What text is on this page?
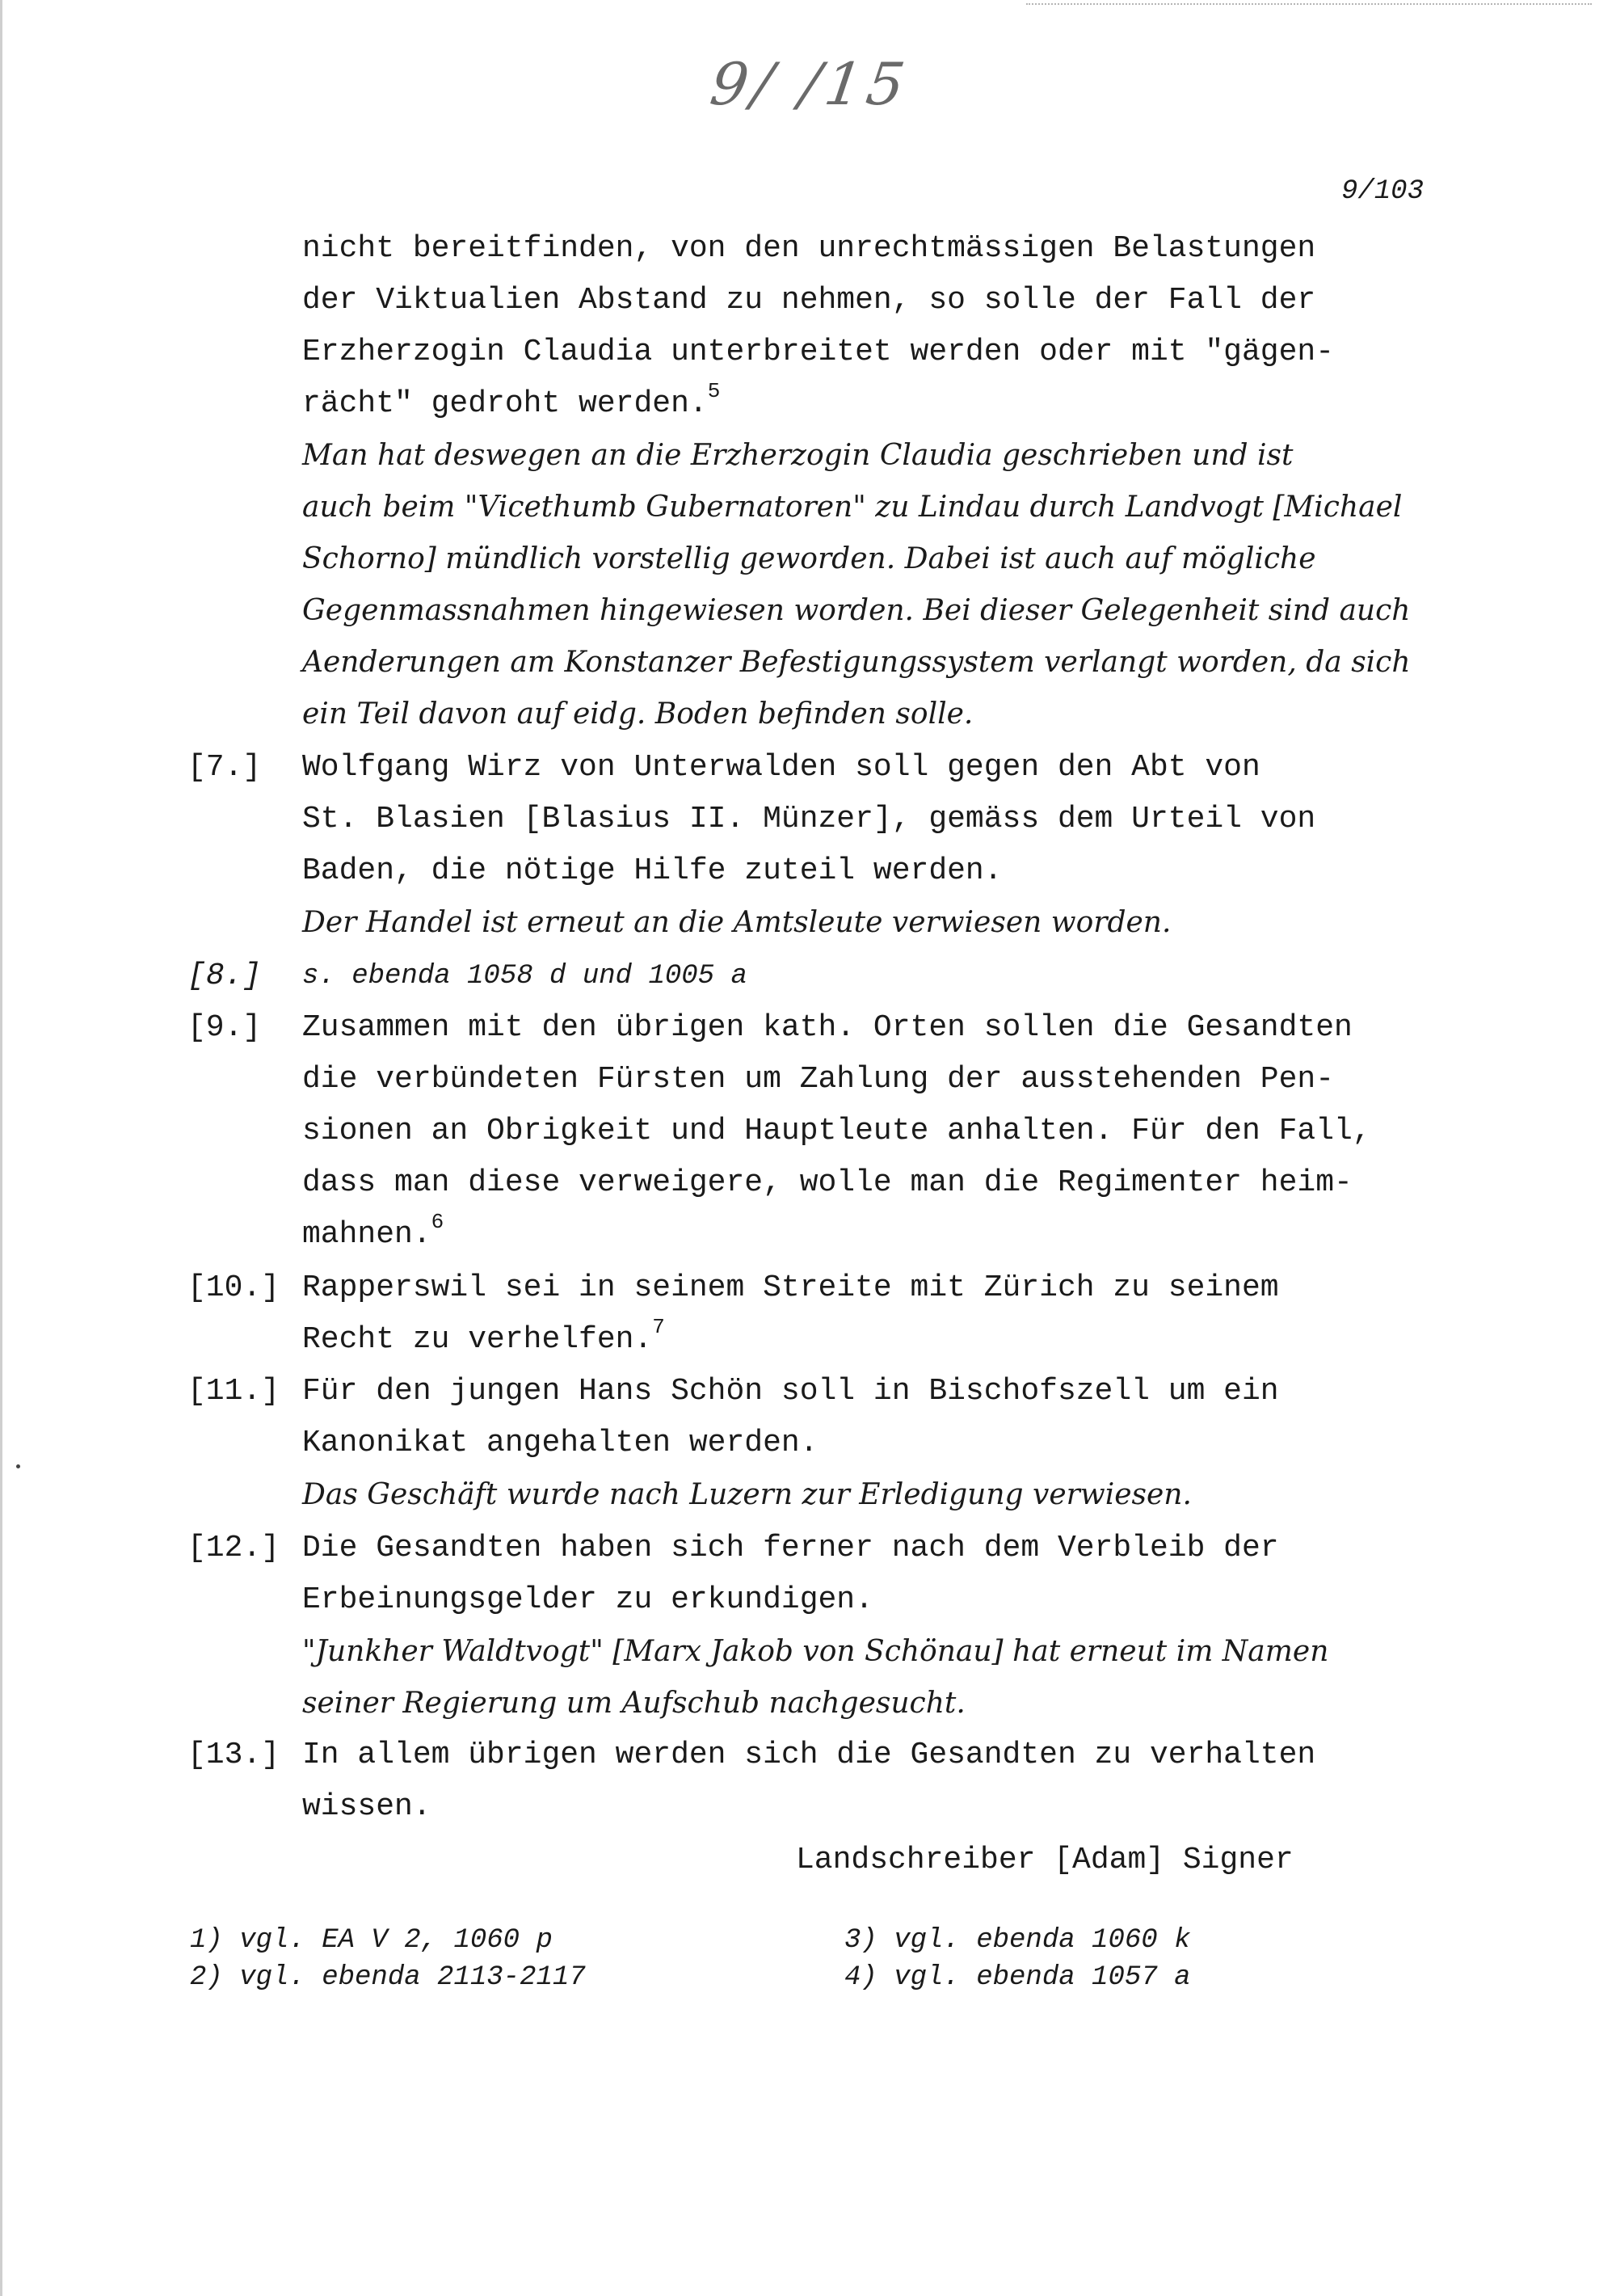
9/ /15
9/103
nicht bereitfinden, von den unrechtmässigen Belastungen
der Viktualien Abstand zu nehmen, so solle der Fall der
Erzherzogin Claudia unterbreitet werden oder mit "gägen-
rächt" gedroht werden.$^5$
Man hat deswegen an die Erzherzogin Claudia geschrieben und ist
auch beim "Vicethumb Gubernatoren" zu Lindau durch Landvogt [Michael
Schorno] mündlich vorstellig geworden. Dabei ist auch auf mögliche
Gegenmassnahmen hingewiesen worden. Bei dieser Gelegenheit sind auch
Aenderungen am Konstanzer Befestigungssystem verlangt worden, da sich
ein Teil davon auf eidg. Boden befinden solle.
[7.]	Wolfgang Wirz von Unterwalden soll gegen den Abt von
St. Blasien [Blasius II. Münzer], gemäss dem Urteil von
Baden, die nötige Hilfe zuteil werden.
Der Handel ist erneut an die Amtsleute verwiesen worden.
[8.]	s. ebenda 1058 d und 1005 a
[9.]	Zusammen mit den übrigen kath. Orten sollen die Gesandten
die verbündeten Fürsten um Zahlung der ausstehenden Pen-
sionen an Obrigkeit und Hauptleute anhalten. Für den Fall,
dass man diese verweigere, wolle man die Regimenter heim-
mahnen.$^6$
[10.] Rapperswil sei in seinem Streite mit Zürich zu seinem
Recht zu verhelfen.$^7$
[11.] Für den jungen Hans Schön soll in Bischofszell um ein
Kanonikat angehalten werden.
Das Geschäft wurde nach Luzern zur Erledigung verwiesen.
[12.] Die Gesandten haben sich ferner nach dem Verbleib der
Erbeinungsgelder zu erkundigen.
"Junkher Waldtvogt" [Marx Jakob von Schönau] hat erneut im Namen
seiner Regierung um Aufschub nachgesucht.
[13.] In allem übrigen werden sich die Gesandten zu verhalten
wissen.
Landschreiber [Adam] Signer
1) vgl. EA V 2, 1060 p
2) vgl. ebenda 2113-2117
3) vgl. ebenda 1060 k
4) vgl. ebenda 1057 a
